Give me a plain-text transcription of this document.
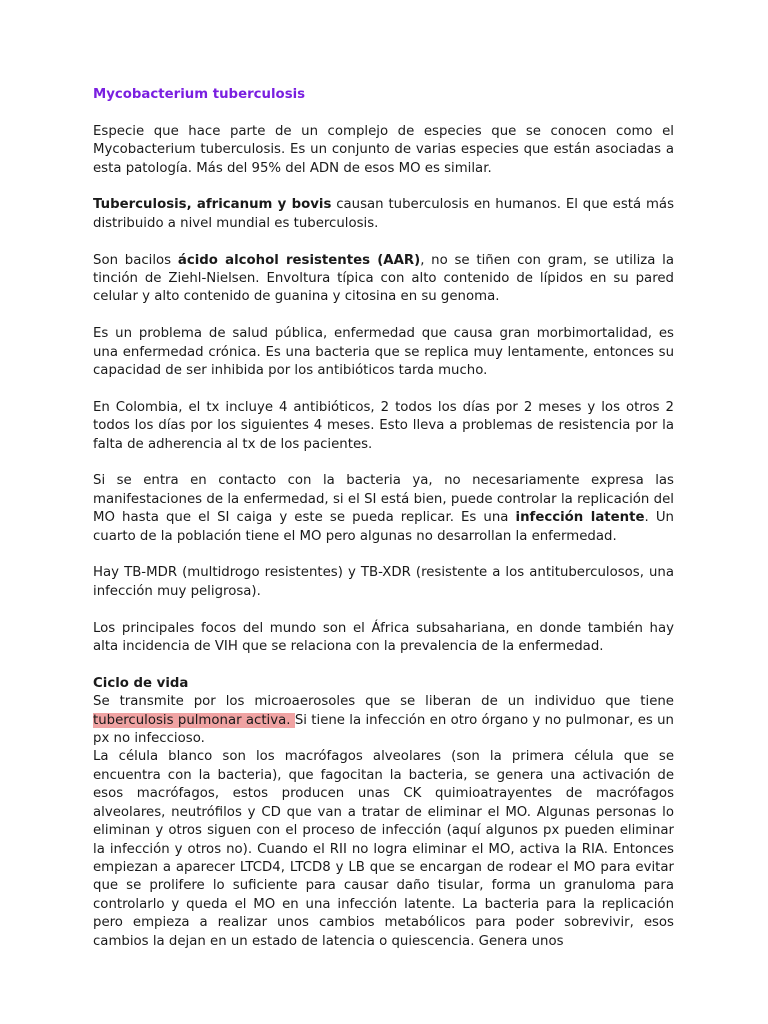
Mycobacterium tuberculosis

Especie que hace parte de un complejo de especies que se conocen como el Mycobacterium tuberculosis. Es un conjunto de varias especies que están asociadas a esta patología. Más del 95% del ADN de esos MO es similar.

Tuberculosis, africanum y bovis causan tuberculosis en humanos. El que está más distribuido a nivel mundial es tuberculosis.

Son bacilos ácido alcohol resistentes (AAR), no se tiñen con gram, se utiliza la tinción de Ziehl-Nielsen. Envoltura típica con alto contenido de lípidos en su pared celular y alto contenido de guanina y citosina en su genoma.

Es un problema de salud pública, enfermedad que causa gran morbimortalidad, es una enfermedad crónica. Es una bacteria que se replica muy lentamente, entonces su capacidad de ser inhibida por los antibióticos tarda mucho.

En Colombia, el tx incluye 4 antibióticos, 2 todos los días por 2 meses y los otros 2 todos los días por los siguientes 4 meses. Esto lleva a problemas de resistencia por la falta de adherencia al tx de los pacientes.

Si se entra en contacto con la bacteria ya, no necesariamente expresa las manifestaciones de la enfermedad, si el SI está bien, puede controlar la replicación del MO hasta que el SI caiga y este se pueda replicar. Es una infección latente. Un cuarto de la población tiene el MO pero algunas no desarrollan la enfermedad.

Hay TB-MDR (multidrogo resistentes) y TB-XDR (resistente a los antituberculosos, una infección muy peligrosa).

Los principales focos del mundo son el África subsahariana, en donde también hay alta incidencia de VIH que se relaciona con la prevalencia de la enfermedad.

Ciclo de vida

Se transmite por los microaerosoles que se liberan de un individuo que tiene tuberculosis pulmonar activa. Si tiene la infección en otro órgano y no pulmonar, es un px no infeccioso.

La célula blanco son los macrófagos alveolares (son la primera célula que se encuentra con la bacteria), que fagocitan la bacteria, se genera una activación de esos macrófagos, estos producen unas CK quimioatrayentes de macrófagos alveolares, neutrófilos y CD que van a tratar de eliminar el MO. Algunas personas lo eliminan y otros siguen con el proceso de infección (aquí algunos px pueden eliminar la infección y otros no). Cuando el RII no logra eliminar el MO, activa la RIA. Entonces empiezan a aparecer LTCD4, LTCD8 y LB que se encargan de rodear el MO para evitar que se prolifere lo suficiente para causar daño tisular, forma un granuloma para controlarlo y queda el MO en una infección latente. La bacteria para la replicación pero empieza a realizar unos cambios metabólicos para poder sobrevivir, esos cambios la dejan en un estado de latencia o quiescencia. Genera unos
